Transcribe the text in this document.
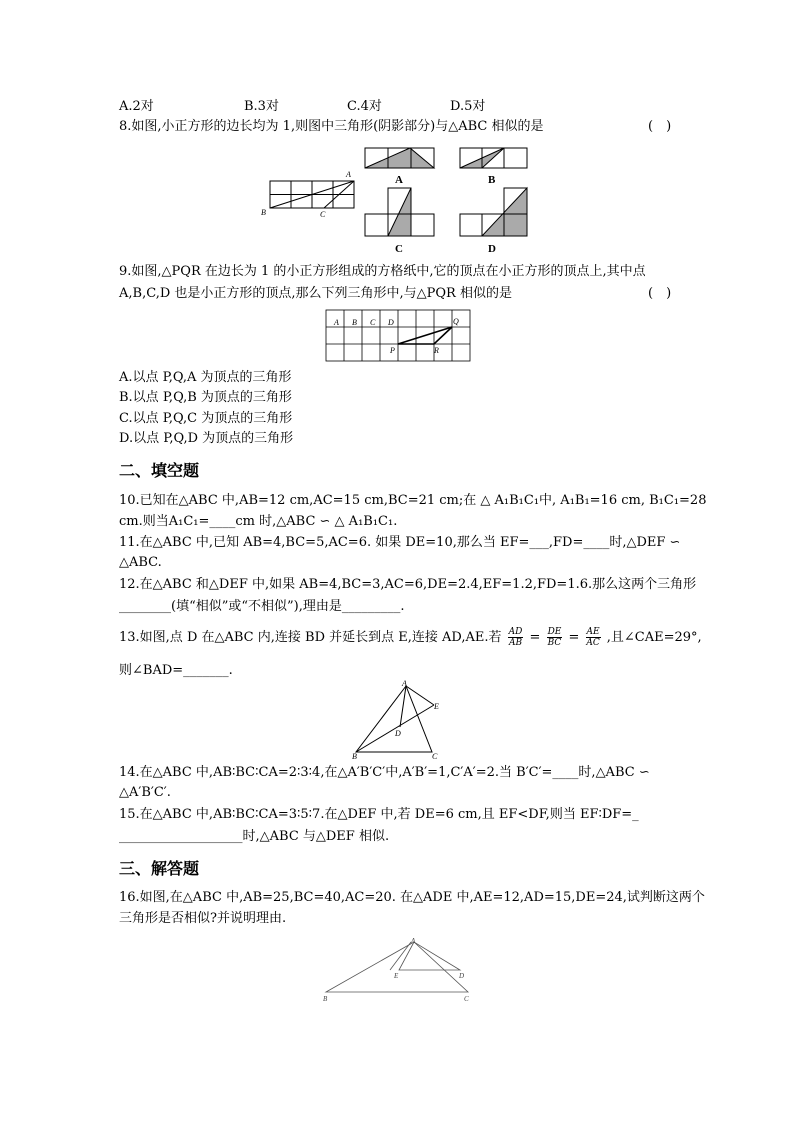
A.2对	B.3对	C.4对	D.5对
8.如图,小正方形的边长均为 1,则图中三角形(阴影部分)与△ABC 相似的是	(　)
B	C
A	A	B
C	D
9.如图,△PQR 在边长为 1 的小正方形组成的方格纸中,它的顶点在小正方形的顶点上,其中点
A,B,C,D 也是小正方形的顶点,那么下列三角形中,与△PQR 相似的是	(　)
A B C D	Q
P	R
A.以点 P,Q,A 为顶点的三角形
B.以点 P,Q,B 为顶点的三角形
C.以点 P,Q,C 为顶点的三角形
D.以点 P,Q,D 为顶点的三角形
二、填空题
10.已知在△ABC 中,AB=12 cm,AC=15 cm,BC=21 cm;在 △ A₁B₁C₁中, A₁B₁=16 cm, B₁C₁=28
cm.则当A₁C₁=____cm 时,△ABC ∽ △ A₁B₁C₁.
11.在△ABC 中,已知 AB=4,BC=5,AC=6. 如果 DE=10,那么当 EF=___,FD=____时,△DEF ∽
△ABC.
12.在△ABC 和△DEF 中,如果 AB=4,BC=3,AC=6,DE=2.4,EF=1.2,FD=1.6.那么这两个三角形
________(填“相似”或“不相似”),理由是_________.
13.如图,点 D 在△ABC 内,连接 BD 并延长到点 E,连接 AD,AE.若 $\frac{AD}{AB} = \frac{DE}{BC} = \frac{AE}{AC}$ ,且∠CAE=29°,
则∠BAD=_______.
A
E
D
B	C
14.在△ABC 中,AB∶BC∶CA=2∶3∶4,在△A′B′C′中,A′B′=1,C′A′=2.当 B′C′=____时,△ABC ∽
△A′B′C′.
15.在△ABC 中,AB∶BC∶CA=3∶5∶7.在△DEF 中,若 DE=6 cm,且 EF<DF,则当 EF∶DF=_
___________________时,△ABC 与△DEF 相似.
三、解答题
16.如图,在△ABC 中,AB=25,BC=40,AC=20. 在△ADE 中,AE=12,AD=15,DE=24,试判断这两个
三角形是否相似?并说明理由.
A
E	D
B	C
